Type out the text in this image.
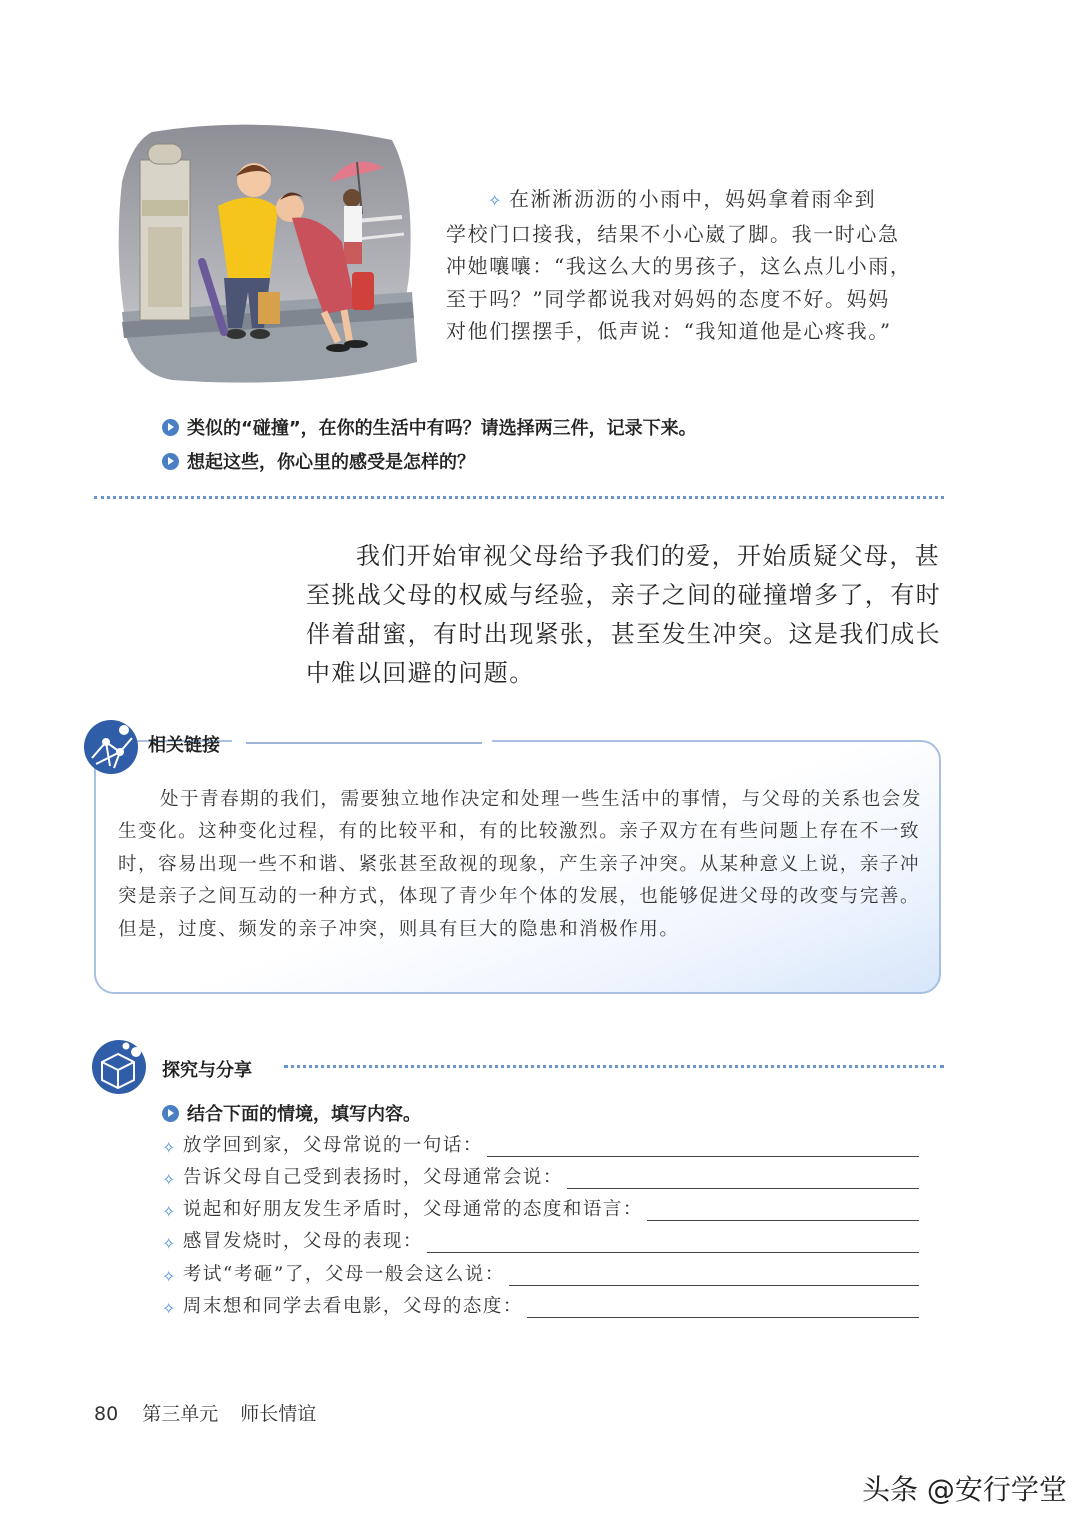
✧ 在淅淅沥沥的小雨中，妈妈拿着雨伞到

学校门口接我，结果不小心崴了脚。我一时心急

冲她嚷嚷：“我这么大的男孩子，这么点儿小雨，

至于吗？”同学都说我对妈妈的态度不好。妈妈

对他们摆摆手，低声说：“我知道他是心疼我。”

类似的“碰撞”，在你的生活中有吗？请选择两三件，记录下来。
想起这些，你心里的感受是怎样的？

我们开始审视父母给予我们的爱，开始质疑父母，甚至挑战父母的权威与经验，亲子之间的碰撞增多了，有时伴着甜蜜，有时出现紧张，甚至发生冲突。这是我们成长中难以回避的问题。

相关链接

处于青春期的我们，需要独立地作决定和处理一些生活中的事情，与父母的关系也会发生变化。这种变化过程，有的比较平和，有的比较激烈。亲子双方在有些问题上存在不一致时，容易出现一些不和谐、紧张甚至敌视的现象，产生亲子冲突。从某种意义上说，亲子冲突是亲子之间互动的一种方式，体现了青少年个体的发展，也能够促进父母的改变与完善。但是，过度、频发的亲子冲突，则具有巨大的隐患和消极作用。

探究与分享
结合下面的情境，填写内容。
✧ 放学回到家，父母常说的一句话：
✧ 告诉父母自己受到表扬时，父母通常会说：
✧ 说起和好朋友发生矛盾时，父母通常的态度和语言：
✧ 感冒发烧时，父母的表现：
✧ 考试“考砸”了，父母一般会这么说：
✧ 周末想和同学去看电影，父母的态度：
80 第三单元 师长情谊
头条 @安行学堂
